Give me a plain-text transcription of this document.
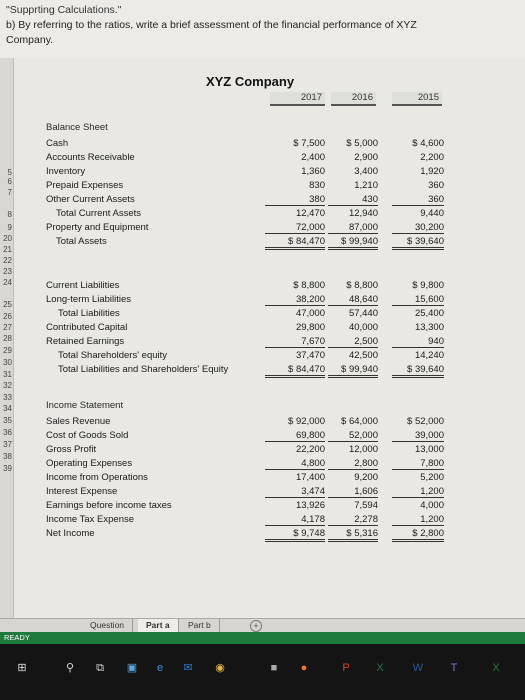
"Supprting Calculations."
b) By referring to the ratios, write a brief assessment of the financial performance of XYZ
Company.
5
6
7
8
9
20
21
22
23
24
25
26
27
28
29
30
31
32
33
34
35
36
37
38
39
XYZ Company
2017	2016	2015
Balance Sheet
Cash	$ 7,500	$ 5,000	$ 4,600
Accounts Receivable	2,400	2,900	2,200
Inventory	1,360	3,400	1,920
Prepaid Expenses	830	1,210	360
Other Current Assets	380	430	360
Total Current Assets	12,470	12,940	9,440
Property and Equipment	72,000	87,000	30,200
Total Assets	$ 84,470	$ 99,940	$ 39,640
Current Liabilities	$ 8,800	$ 8,800	$ 9,800
Long-term Liabilities	38,200	48,640	15,600
Total Liabilities	47,000	57,440	25,400
Contributed Capital	29,800	40,000	13,300
Retained Earnings	7,670	2,500	940
Total Shareholders' equity	37,470	42,500	14,240
Total Liabilities and Shareholders' Equity	$ 84,470	$ 99,940	$ 39,640
Income Statement
Sales Revenue	$ 92,000	$ 64,000	$ 52,000
Cost of Goods Sold	69,800	52,000	39,000
Gross Profit	22,200	12,000	13,000
Operating Expenses	4,800	2,800	7,800
Income from Operations	17,400	9,200	5,200
Interest Expense	3,474	1,606	1,200
Earnings before income taxes	13,926	7,594	4,000
Income Tax Expense	4,178	2,278	1,200
Net Income	$ 9,748	$ 5,316	$ 2,800
Question	Part a	Part b	+
READY
⊞	⚲	⧉	▣	e	✉	◉	■	●	P	X	W	T	X
